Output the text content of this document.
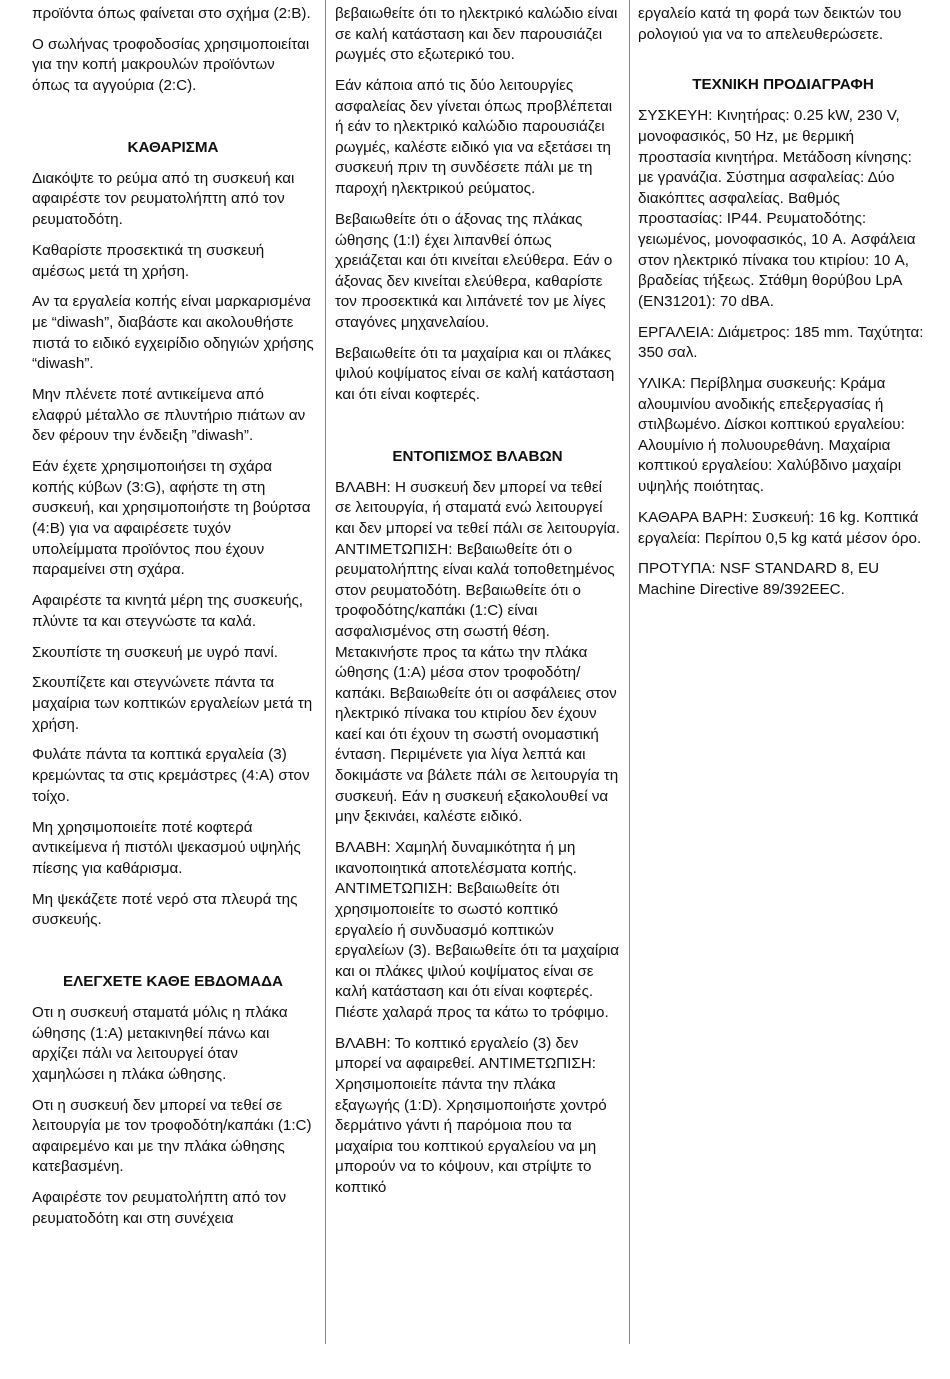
προϊόντα όπως φαίνεται στο σχήμα (2:B).

Ο σωλήνας τροφοδοσίας χρησιμοποιείται για την κοπή μακρουλών προϊόντων όπως τα αγγούρια (2:C).

ΚΑΘΑΡΙΣΜΑ

Διακόψτε το ρεύμα από τη συσκευή και αφαιρέστε τον ρευματολήπτη από τον ρευματοδότη.

Καθαρίστε προσεκτικά τη συσκευή αμέσως μετά τη χρήση.

Αν τα εργαλεία κοπής είναι μαρκαρισμένα με “diwash”, διαβάστε και ακολουθήστε πιστά το ειδικό εγχειρίδιο οδηγιών χρήσης “diwash”.

Μην πλένετε ποτέ αντικείμενα από ελαφρύ μέταλλο σε πλυντήριο πιάτων αν δεν φέρουν την ένδειξη ”diwash”.

Εάν έχετε χρησιμοποιήσει τη σχάρα κοπής κύβων (3:G), αφήστε τη στη συσκευή, και χρησιμοποιήστε τη βούρτσα (4:B) για να αφαιρέσετε τυχόν υπολείμματα προϊόντος που έχουν παραμείνει στη σχάρα.

Αφαιρέστε τα κινητά μέρη της συσκευής, πλύντε τα και στεγνώστε τα καλά.

Σκουπίστε τη συσκευή με υγρό πανί.

Σκουπίζετε και στεγνώνετε πάντα τα μαχαίρια των κοπτικών εργαλείων μετά τη χρήση.

Φυλάτε πάντα τα κοπτικά εργαλεία (3) κρεμώντας τα στις κρεμάστρες (4:A) στον τοίχο.

Μη χρησιμοποιείτε ποτέ κοφτερά αντικείμενα ή πιστόλι ψεκασμού υψηλής πίεσης για καθάρισμα.

Μη ψεκάζετε ποτέ νερό στα πλευρά της συσκευής.

ΕΛΕΓΧΕΤΕ ΚΑΘΕ ΕΒΔΟΜΑΔΑ

Οτι η συσκευή σταματά μόλις η πλάκα ώθησης (1:A) μετακινηθεί πάνω και αρχίζει πάλι να λειτουργεί όταν χαμηλώσει η πλάκα ώθησης.

Οτι η συσκευή δεν μπορεί να τεθεί σε λειτουργία με τον τροφοδότη/καπάκι (1:C) αφαιρεμένο και με την πλάκα ώθησης κατεβασμένη.

Αφαιρέστε τον ρευματολήπτη από τον ρευματοδότη και στη συνέχεια

βεβαιωθείτε ότι το ηλεκτρικό καλώδιο είναι σε καλή κατάσταση και δεν παρουσιάζει ρωγμές στο εξωτερικό του.

Εάν κάποια από τις δύο λειτουργίες ασφαλείας δεν γίνεται όπως προβλέπεται ή εάν το ηλεκτρικό καλώδιο παρουσιάζει ρωγμές, καλέστε ειδικό για να εξετάσει τη συσκευή πριν τη συνδέσετε πάλι με τη παροχή ηλεκτρικού ρεύματος.

Βεβαιωθείτε ότι ο άξονας της πλάκας ώθησης (1:I) έχει λιπανθεί όπως χρειάζεται και ότι κινείται ελεύθερα. Εάν ο άξονας δεν κινείται ελεύθερα, καθαρίστε τον προσεκτικά και λιπάνετέ τον με λίγες σταγόνες μηχανελαίου.

Βεβαιωθείτε ότι τα μαχαίρια και οι πλάκες ψιλού κοψίματος είναι σε καλή κατάσταση και ότι είναι κοφτερές.

ΕΝΤΟΠΙΣΜΟΣ ΒΛΑΒΩΝ

ΒΛΑΒΗ: Η συσκευή δεν μπορεί να τεθεί σε λειτουργία, ή σταματά ενώ λειτουργεί και δεν μπορεί να τεθεί πάλι σε λειτουργία. ΑΝΤΙΜΕΤΩΠΙΣΗ: Βεβαιωθείτε ότι ο ρευματολήπτης είναι καλά τοποθετημένος στον ρευματοδότη. Βεβαιωθείτε ότι ο τροφοδότης/καπάκι (1:C) είναι ασφαλισμένος στη σωστή θέση. Μετακινήστε προς τα κάτω την πλάκα ώθησης (1:A) μέσα στον τροφοδότη/καπάκι. Βεβαιωθείτε ότι οι ασφάλειες στον ηλεκτρικό πίνακα του κτιρίου δεν έχουν καεί και ότι έχουν τη σωστή ονομαστική ένταση. Περιμένετε για λίγα λεπτά και δοκιμάστε να βάλετε πάλι σε λειτουργία τη συσκευή. Εάν η συσκευή εξακολουθεί να μην ξεκινάει, καλέστε ειδικό.

ΒΛΑΒΗ: Χαμηλή δυναμικότητα ή μη ικανοποιητικά αποτελέσματα κοπής. ΑΝΤΙΜΕΤΩΠΙΣΗ: Βεβαιωθείτε ότι χρησιμοποιείτε το σωστό κοπτικό εργαλείο ή συνδυασμό κοπτικών εργαλείων (3). Βεβαιωθείτε ότι τα μαχαίρια και οι πλάκες ψιλού κοψίματος είναι σε καλή κατάσταση και ότι είναι κοφτερές. Πιέστε χαλαρά προς τα κάτω το τρόφιμο.

ΒΛΑΒΗ: Το κοπτικό εργαλείο (3) δεν μπορεί να αφαιρεθεί. ΑΝΤΙΜΕΤΩΠΙΣΗ: Χρησιμοποιείτε πάντα την πλάκα εξαγωγής (1:D). Χρησιμοποιήστε χοντρό δερμάτινο γάντι ή παρόμοια που τα μαχαίρια του κοπτικού εργαλείου να μη μπορούν να το κόψουν, και στρίψτε το κοπτικό

εργαλείο κατά τη φορά των δεικτών του ρολογιού για να το απελευθερώσετε.

ΤΕΧΝΙΚΗ ΠΡΟΔΙΑΓΡΑΦΗ

ΣΥΣΚΕΥΗ: Κινητήρας: 0.25 kW, 230 V, μονοφασικός, 50 Hz, με θερμική προστασία κινητήρα. Μετάδοση κίνησης: με γρανάζια. Σύστημα ασφαλείας: Δύο διακόπτες ασφαλείας. Βαθμός προστασίας: IP44. Ρευματοδότης: γειωμένος, μονοφασικός, 10 A. Ασφάλεια στον ηλεκτρικό πίνακα του κτιρίου: 10 A, βραδείας τήξεως. Στάθμη θορύβου LpA (EN31201): 70 dBA.

ΕΡΓΑΛΕΙΑ: Διάμετρος: 185 mm. Ταχύτητα: 350 σαλ.

ΥΛΙΚΑ: Περίβλημα συσκευής: Κράμα αλουμινίου ανοδικής επεξεργασίας ή στιλβωμένο. Δίσκοι κοπτικού εργαλείου: Αλουμίνιο ή πολυουρεθάνη. Μαχαίρια κοπτικού εργαλείου: Χαλύβδινο μαχαίρι υψηλής ποιότητας.

ΚΑΘΑΡΑ ΒΑΡΗ: Συσκευή: 16 kg. Κοπτικά εργαλεία: Περίπου 0,5 kg κατά μέσον όρο.

ΠΡΟΤΥΠΑ: NSF STANDARD 8, EU Machine Directive 89/392EEC.
